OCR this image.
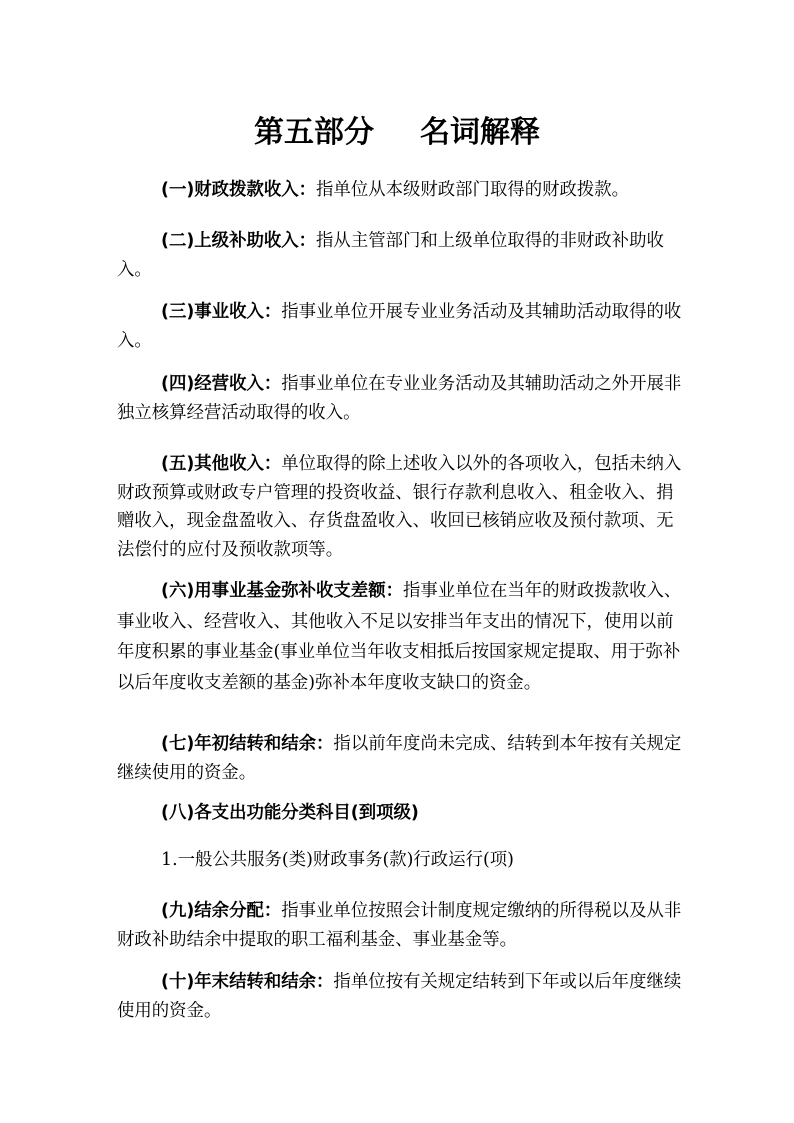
第五部分 名词解释

(一)财政拨款收入：指单位从本级财政部门取得的财政拨款。

(二)上级补助收入：指从主管部门和上级单位取得的非财政补助收入。

(三)事业收入：指事业单位开展专业业务活动及其辅助活动取得的收入。

(四)经营收入：指事业单位在专业业务活动及其辅助活动之外开展非独立核算经营活动取得的收入。

(五)其他收入：单位取得的除上述收入以外的各项收入，包括未纳入财政预算或财政专户管理的投资收益、银行存款利息收入、租金收入、捐赠收入，现金盘盈收入、存货盘盈收入、收回已核销应收及预付款项、无法偿付的应付及预收款项等。

(六)用事业基金弥补收支差额：指事业单位在当年的财政拨款收入、事业收入、经营收入、其他收入不足以安排当年支出的情况下，使用以前年度积累的事业基金(事业单位当年收支相抵后按国家规定提取、用于弥补以后年度收支差额的基金)弥补本年度收支缺口的资金。

(七)年初结转和结余：指以前年度尚未完成、结转到本年按有关规定继续使用的资金。

(八)各支出功能分类科目(到项级)

1.一般公共服务(类)财政事务(款)行政运行(项)

(九)结余分配：指事业单位按照会计制度规定缴纳的所得税以及从非财政补助结余中提取的职工福利基金、事业基金等。

(十)年末结转和结余：指单位按有关规定结转到下年或以后年度继续使用的资金。
